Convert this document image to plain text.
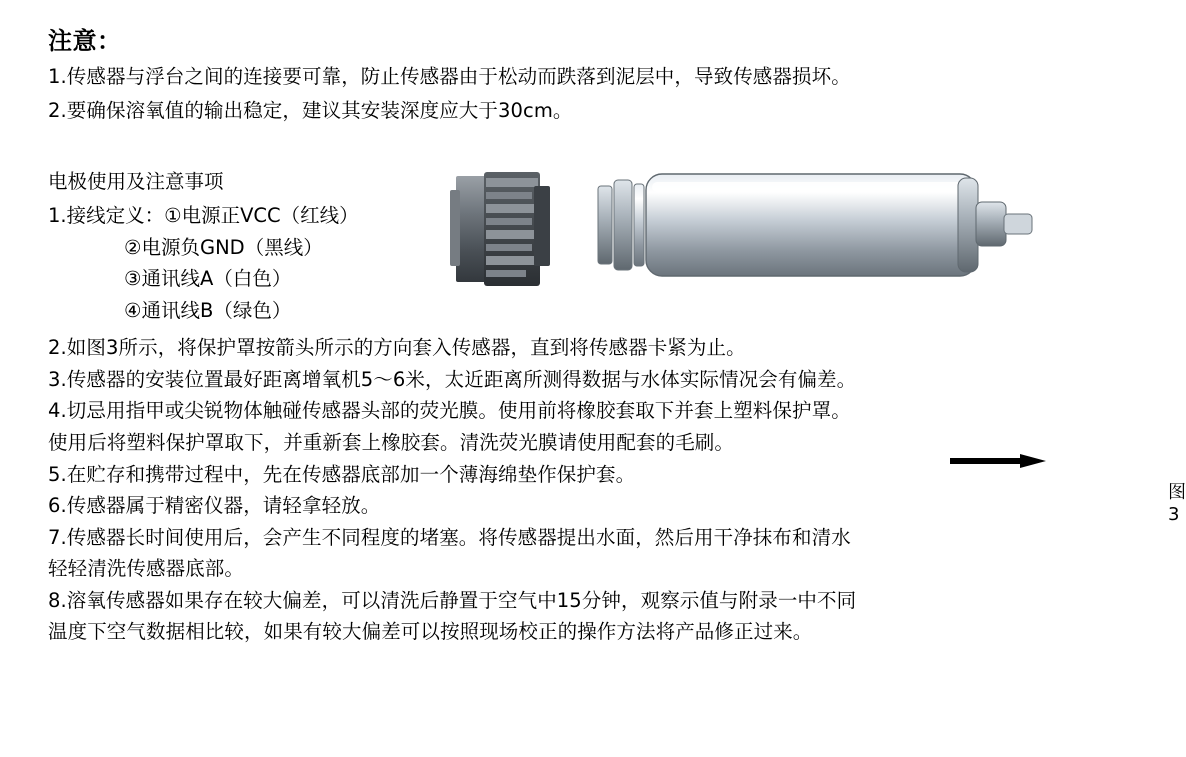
注意：
1.传感器与浮台之间的连接要可靠，防止传感器由于松动而跌落到泥层中，导致传感器损坏。
2.要确保溶氧值的输出稳定，建议其安装深度应大于30cm。
电极使用及注意事项
1.接线定义：①电源正VCC（红线）
②电源负GND（黑线）
③通讯线A（白色）
④通讯线B（绿色）
2.如图3所示，将保护罩按箭头所示的方向套入传感器，直到将传感器卡紧为止。
3.传感器的安装位置最好距离增氧机5～6米，太近距离所测得数据与水体实际情况会有偏差。
4.切忌用指甲或尖锐物体触碰传感器头部的荧光膜。使用前将橡胶套取下并套上塑料保护罩。
使用后将塑料保护罩取下，并重新套上橡胶套。清洗荧光膜请使用配套的毛刷。
5.在贮存和携带过程中，先在传感器底部加一个薄海绵垫作保护套。
6.传感器属于精密仪器，请轻拿轻放。
7.传感器长时间使用后，会产生不同程度的堵塞。将传感器提出水面，然后用干净抹布和清水
轻轻清洗传感器底部。
8.溶氧传感器如果存在较大偏差，可以清洗后静置于空气中15分钟，观察示值与附录一中不同
温度下空气数据相比较，如果有较大偏差可以按照现场校正的操作方法将产品修正过来。
图3
